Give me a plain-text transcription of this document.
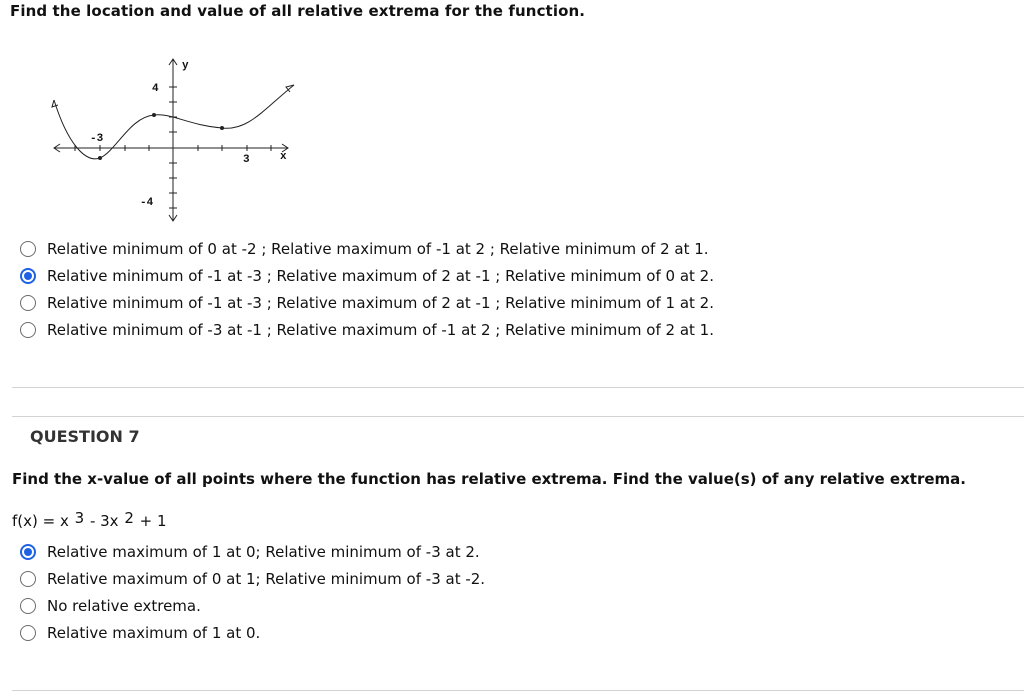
Find the location and value of all relative extrema for the function.
y
x
4
-4
-3
3
Relative minimum of 0 at -2 ; Relative maximum of -1 at 2 ; Relative minimum of 2 at 1.
Relative minimum of -1 at -3 ; Relative maximum of 2 at -1 ; Relative minimum of 0 at 2.
Relative minimum of -1 at -3 ; Relative maximum of 2 at -1 ; Relative minimum of 1 at 2.
Relative minimum of -3 at -1 ; Relative maximum of -1 at 2 ; Relative minimum of 2 at 1.
QUESTION 7
Find the x-value of all points where the function has relative extrema. Find the value(s) of any relative extrema.
f(x) = x $^3$ - 3x $^2$ + 1
Relative maximum of 1 at 0; Relative minimum of -3 at 2.
Relative maximum of 0 at 1; Relative minimum of -3 at -2.
No relative extrema.
Relative maximum of 1 at 0.
